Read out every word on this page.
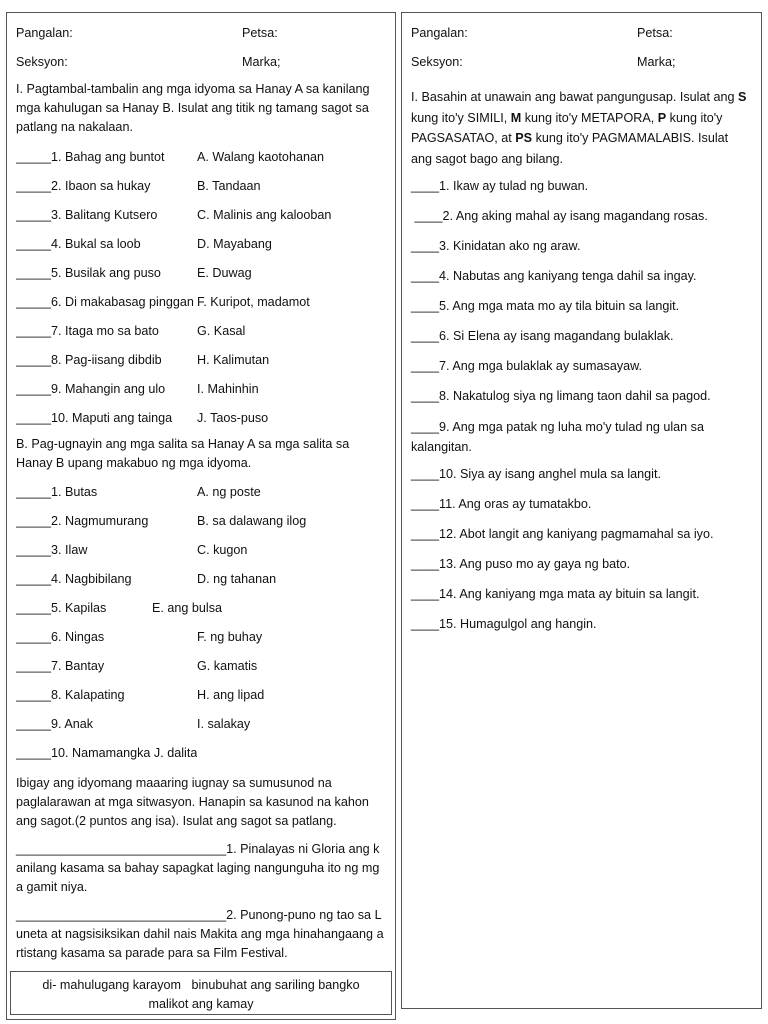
Pangalan:	Petsa:
Seksyon:	Marka;

I. Pagtambal-tambalin ang mga idyoma sa Hanay A sa kanilang mga kahulugan sa Hanay B. Isulat ang titik ng tamang sagot sa patlang na nakalaan.

_____1. Bahag ang buntot	A. Walang kaotohanan
_____2. Ibaon sa hukay	B. Tandaan
_____3. Balitang Kutsero	C. Malinis ang kalooban
_____4. Bukal sa loob	D. Mayabang
_____5. Busilak ang puso	E. Duwag
_____6. Di makabasag pinggan F. Kuripot, madamot
_____7. Itaga mo sa bato	G. Kasal
_____8. Pag-iisang dibdib	H. Kalimutan
_____9. Mahangin ang ulo	I. Mahinhin
_____10. Maputi ang tainga	J. Taos-puso

B. Pag-ugnayin ang mga salita sa Hanay A sa mga salita sa Hanay B upang makabuo ng mga idyoma.

_____1. Butas	A. ng poste
_____2. Nagmumurang	B. sa dalawang ilog
_____3. Ilaw	C. kugon
_____4. Nagbibilang	D. ng tahanan
_____5. Kapilas	E. ang bulsa
_____6. Ningas	F. ng buhay
_____7. Bantay	G. kamatis
_____8. Kalapating	H. ang lipad
_____9. Anak	I. salakay
_____10. Namamangka J. dalita

Ibigay ang idyomang maaaring iugnay sa sumusunod na paglalarawan at mga sitwasyon. Hanapin sa kasunod na kahon ang sagot.(2 puntos ang isa). Isulat ang sagot sa patlang.

______________________________1. Pinalayas ni Gloria ang kanilang kasama sa bahay sapagkat laging nangunguha ito ng mga gamit niya.

______________________________2. Punong-puno ng tao sa Luneta at nagsisiksikan dahil nais Makita ang mga hinahangaang artistang kasama sa parade para sa Film Festival.

di- mahulugang karayom   binubuhat ang sariling bangko
malikot ang kamay
Pangalan:	Petsa:
Seksyon:	Marka;

I. Basahin at unawain ang bawat pangungusap. Isulat ang S kung ito'y SIMILI, M kung ito'y METAPORA, P kung ito'y PAGSASATAO, at PS kung ito'y PAGMAMALABIS. Isulat ang sagot bago ang bilang.

____1. Ikaw ay tulad ng buwan.

____2. Ang aking mahal ay isang magandang rosas.

____3. Kinidatan ako ng araw.

____4. Nabutas ang kaniyang tenga dahil sa ingay.

____5. Ang mga mata mo ay tila bituin sa langit.

____6. Si Elena ay isang magandang bulaklak.

____7. Ang mga bulaklak ay sumasayaw.

____8. Nakatulog siya ng limang taon dahil sa pagod.

____9. Ang mga patak ng luha mo'y tulad ng ulan sa kalangitan.

____10. Siya ay isang anghel mula sa langit.

____11. Ang oras ay tumatakbo.

____12. Abot langit ang kaniyang pagmamahal sa iyo.

____13. Ang puso mo ay gaya ng bato.

____14. Ang kaniyang mga mata ay bituin sa langit.

____15. Humagulgol ang hangin.
